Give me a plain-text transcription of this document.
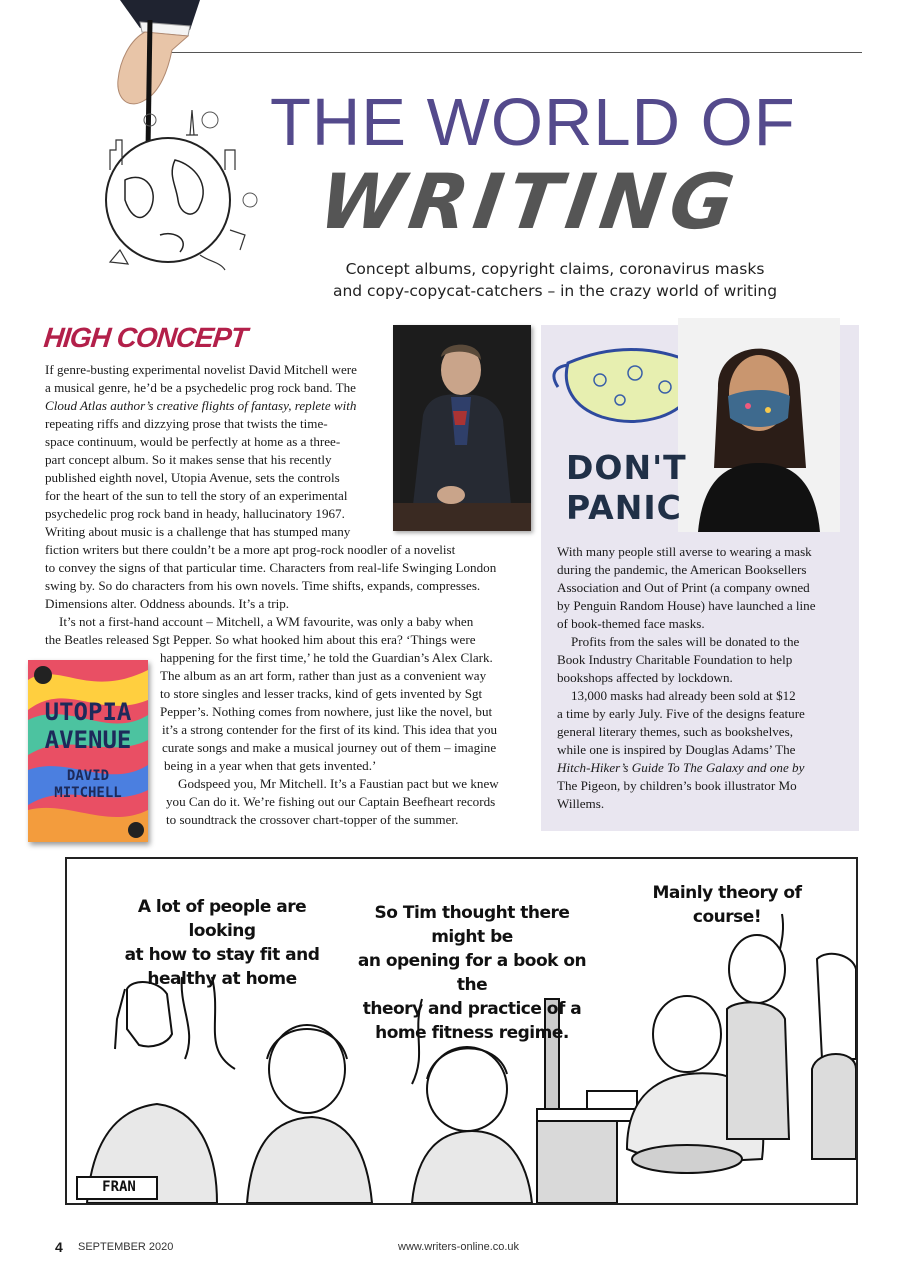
THE WORLD OF
WRITING
Concept albums, copyright claims, coronavirus masks
and copy-copycat-catchers – in the crazy world of writing
HIGH CONCEPT
UTOPIA
AVENUE
DAVID
MITCHELL
If genre-busting experimental novelist David Mitchell were
a musical genre, he’d be a psychedelic prog rock band. The
Cloud Atlas author’s creative flights of fantasy, replete with
repeating riffs and dizzying prose that twists the time-
space continuum, would be perfectly at home as a three-
part concept album. So it makes sense that his recently
published eighth novel, Utopia Avenue, sets the controls
for the heart of the sun to tell the story of an experimental
psychedelic prog rock band in heady, hallucinatory 1967.
Writing about music is a challenge that has stumped many
fiction writers but there couldn’t be a more apt prog-rock noodler of a novelist
to convey the signs of that particular time. Characters from real-life Swinging London
swing by. So do characters from his own novels. Time shifts, expands, compresses.
Dimensions alter. Oddness abounds. It’s a trip.
It’s not a first-hand account – Mitchell, a WM favourite, was only a baby when
the Beatles released Sgt Pepper. So what hooked him about this era? ‘Things were
happening for the first time,’ he told the Guardian’s Alex Clark.
The album as an art form, rather than just as a convenient way
to store singles and lesser tracks, kind of gets invented by Sgt
Pepper’s. Nothing comes from nowhere, just like the novel, but
it’s a strong contender for the first of its kind. This idea that you
curate songs and make a musical journey out of them – imagine
being in a year when that gets invented.’
Godspeed you, Mr Mitchell. It’s a Faustian pact but we knew
you Can do it. We’re fishing out our Captain Beefheart records
to soundtrack the crossover chart-topper of the summer.
DON'T
PANIC
With many people still averse to wearing a mask
during the pandemic, the American Booksellers
Association and Out of Print (a company owned
by Penguin Random House) have launched a line
of book-themed face masks.
Profits from the sales will be donated to the
Book Industry Charitable Foundation to help
bookshops affected by lockdown.
13,000 masks had already been sold at $12
a time by early July. Five of the designs feature
general literary themes, such as bookshelves,
while one is inspired by Douglas Adams’ The
Hitch-Hiker’s Guide To The Galaxy and one by
The Pigeon, by children’s book illustrator Mo
Willems.
A lot of people are looking
at how to stay fit and
healthy at home
So Tim thought there might be
an opening for a book on the
theory and practice of a
home fitness regime.
Mainly theory of course!
FRAN
4 SEPTEMBER 2020	www.writers-online.co.uk
